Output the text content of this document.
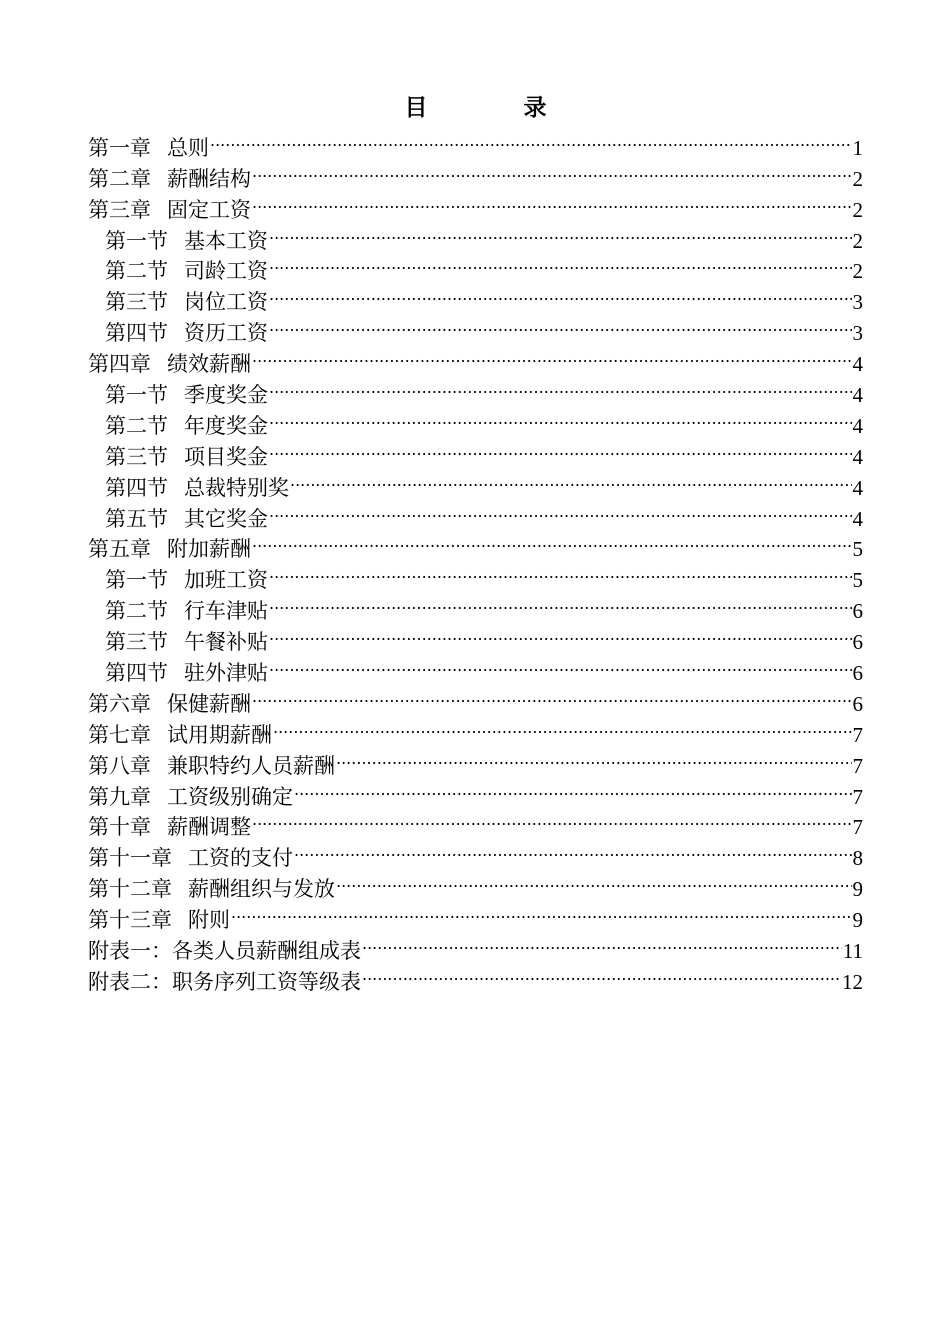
目	录
第一章 总则 .....	1
第二章 薪酬结构 .....	2
第三章 固定工资 .....	2
第一节 基本工资 .....	2
第二节 司龄工资 .....	2
第三节 岗位工资 .....	3
第四节 资历工资 .....	3
第四章 绩效薪酬 .....	4
第一节 季度奖金 .....	4
第二节 年度奖金 .....	4
第三节 项目奖金 .....	4
第四节 总裁特别奖 .....	4
第五节 其它奖金 .....	4
第五章 附加薪酬 .....	5
第一节 加班工资 .....	5
第二节 行车津贴 .....	6
第三节 午餐补贴 .....	6
第四节 驻外津贴 .....	6
第六章 保健薪酬 .....	6
第七章 试用期薪酬 .....	7
第八章 兼职特约人员薪酬 .....	7
第九章 工资级别确定 .....	7
第十章 薪酬调整 .....	7
第十一章 工资的支付 .....	8
第十二章 薪酬组织与发放 .....	9
第十三章 附则 .....	9
附表一：各类人员薪酬组成表 .....	11
附表二：职务序列工资等级表 .....	12
